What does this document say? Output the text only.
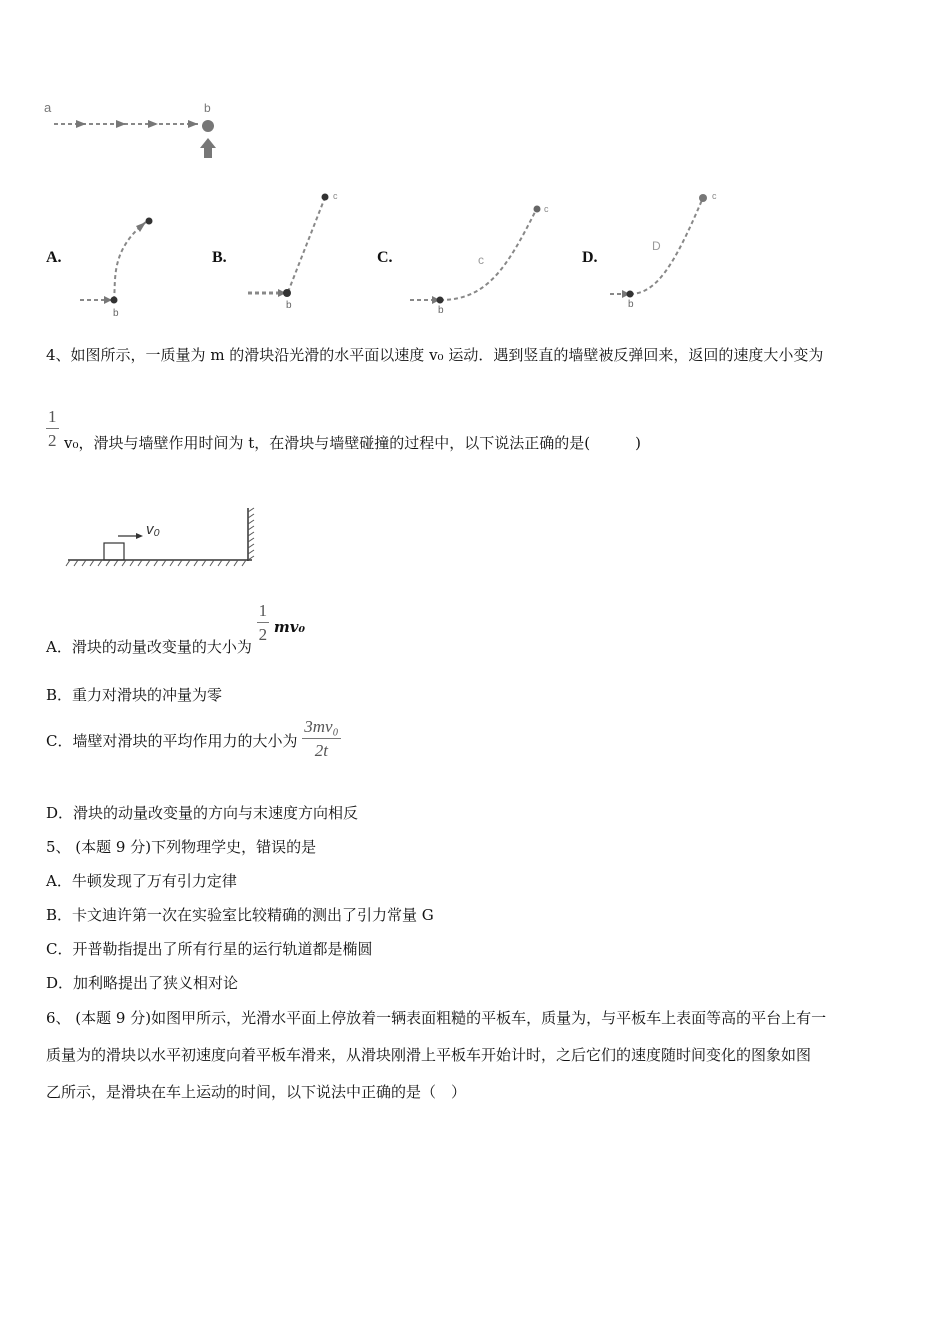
a	b
A.
b
B.
c
b
C.
c
c
b
D.
c
D
b
4、如图所示，一质量为 m 的滑块沿光滑的水平面以速度 v₀ 运动．遇到竖直的墙壁被反弹回来，返回的速度大小变为
$\frac{1}{2} v_0$，滑块与墙壁作用时间为 t，在滑块与墙壁碰撞的过程中，以下说法正确的是(　　　)
v₀
A．滑块的动量改变量的大小为 $\frac{1}{2} mv_0$
B．重力对滑块的冲量为零
C．墙壁对滑块的平均作用力的大小为 $\frac{\text{3mv₀}}{2t}$
D．滑块的动量改变量的方向与末速度方向相反
5、 (本题 9 分)下列物理学史，错误的是
A．牛顿发现了万有引力定律
B．卡文迪许第一次在实验室比较精确的测出了引力常量 G
C．开普勒指提出了所有行星的运行轨道都是椭圆
D．加利略提出了狭义相对论
6、 (本题 9 分)如图甲所示，光滑水平面上停放着一辆表面粗糙的平板车，质量为，与平板车上表面等高的平台上有一
质量为的滑块以水平初速度向着平板车滑来，从滑块刚滑上平板车开始计时，之后它们的速度随时间变化的图象如图
乙所示，是滑块在车上运动的时间，以下说法中正确的是（　）
